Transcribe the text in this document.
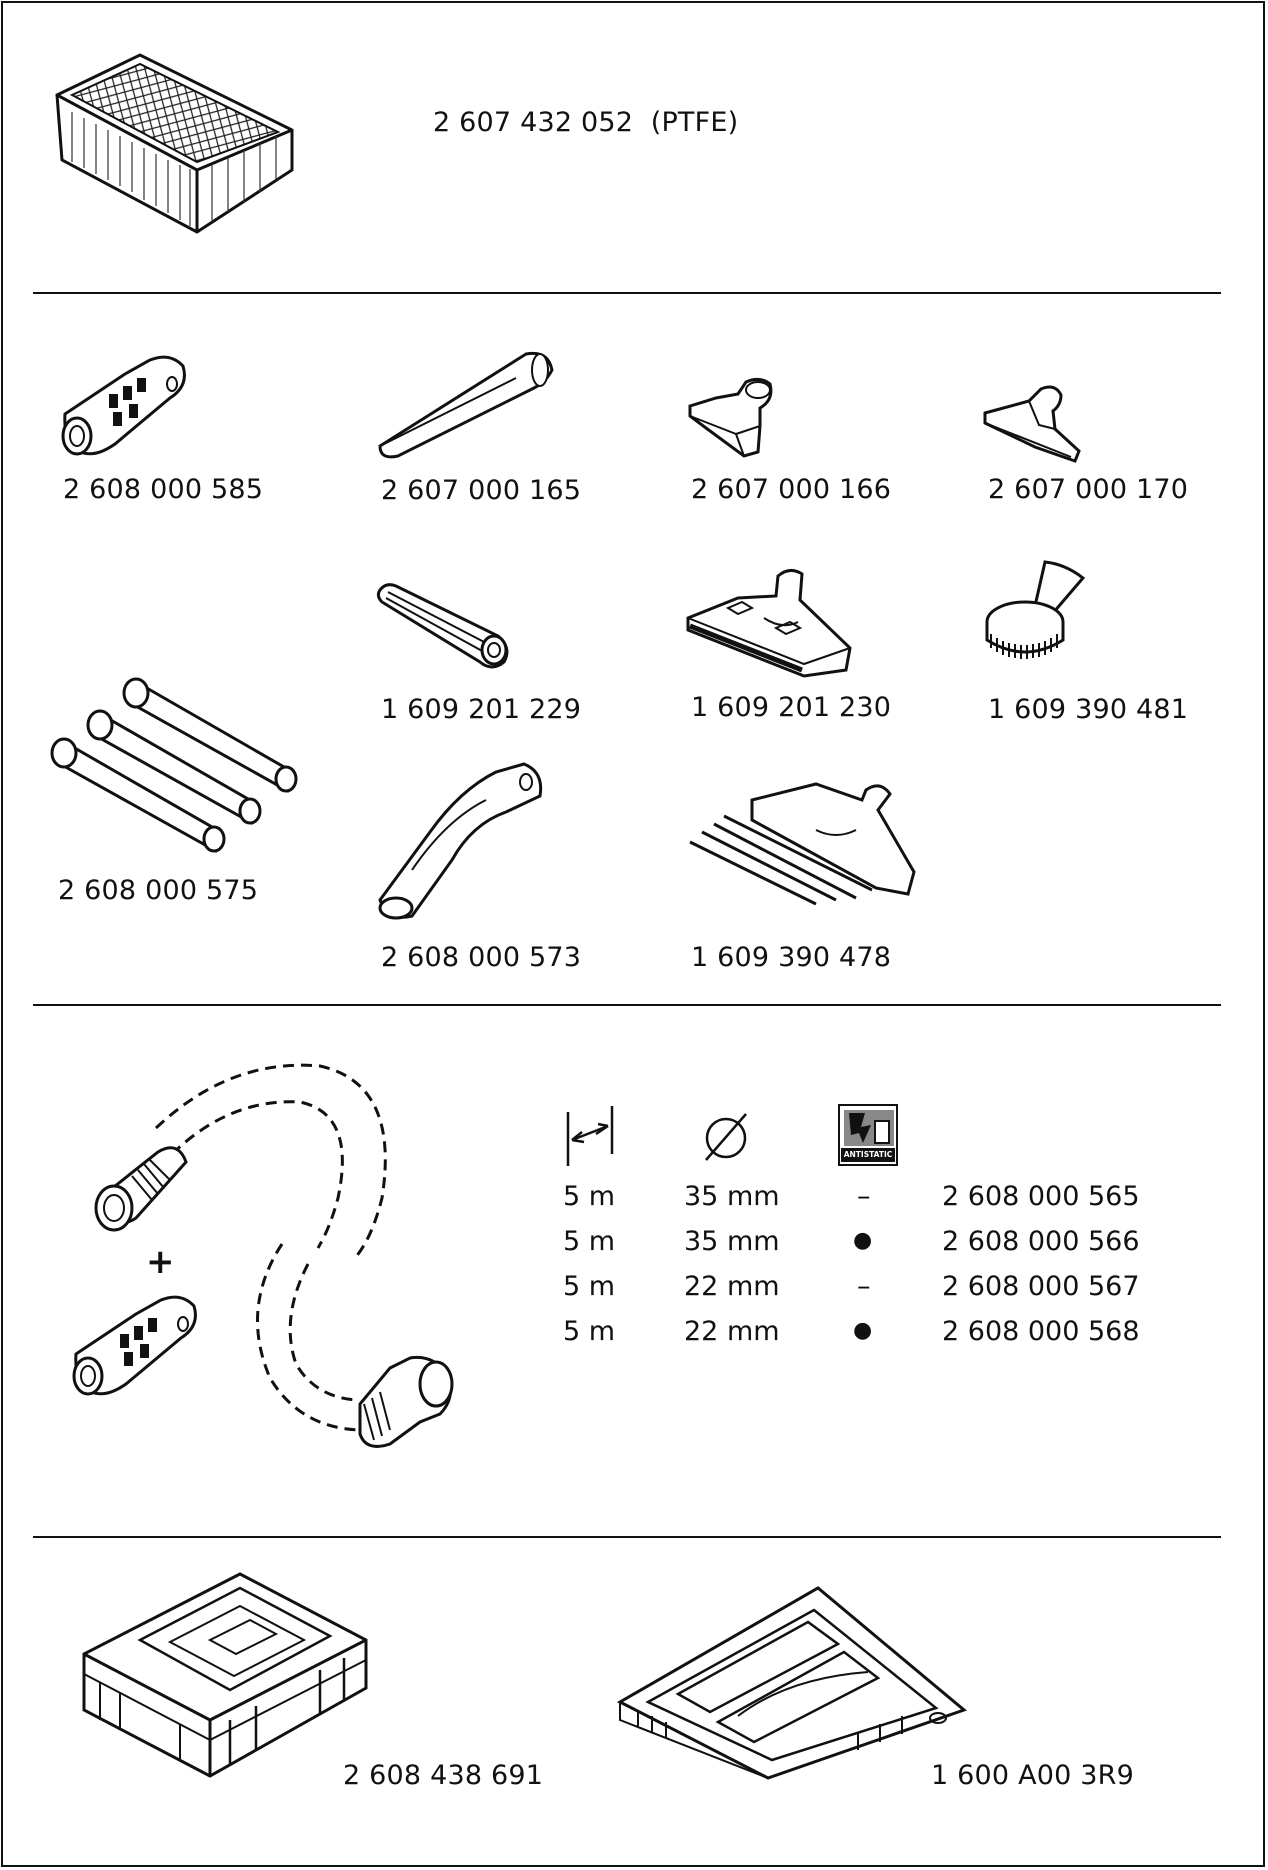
2 607 432 052 (PTFE)
2 608 000 585	2 607 000 165	2 607 000 166	2 607 000 170
1 609 201 229	1 609 201 230	1 609 390 481
2 608 000 575
2 608 000 573	1 609 390 478
+
ANTISTATIC
5 m	35 mm	–	2 608 000 565
5 m	35 mm	●	2 608 000 566
5 m	22 mm	–	2 608 000 567
5 m	22 mm	●	2 608 000 568
2 608 438 691	1 600 A00 3R9
